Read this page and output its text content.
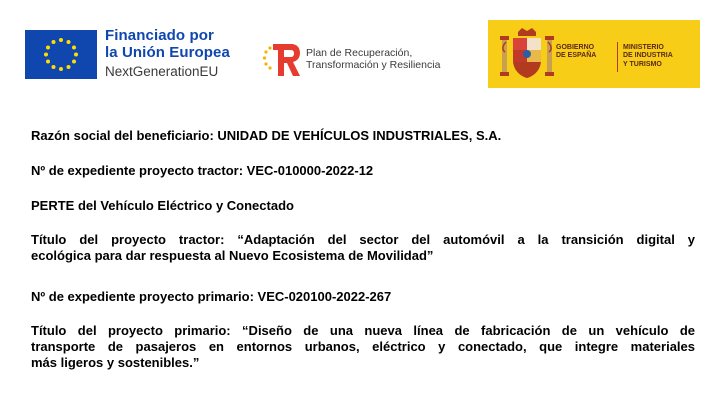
Financiado por
la Unión Europea
NextGenerationEU
Plan de Recuperación,
Transformación y Resiliencia
GOBIERNO
DE ESPAÑA
MINISTERIO
DE INDUSTRIA
Y TURISMO

Razón social del beneficiario: UNIDAD DE VEHÍCULOS INDUSTRIALES, S.A.

Nº de expediente proyecto tractor: VEC-010000-2022-12

PERTE del Vehículo Eléctrico y Conectado

Título del proyecto tractor: “Adaptación del sector del automóvil a la transición digital y
ecológica para dar respuesta al Nuevo Ecosistema de Movilidad”

Nº de expediente proyecto primario: VEC-020100-2022-267

Título del proyecto primario: “Diseño de una nueva línea de fabricación de un vehículo de
transporte de pasajeros en entornos urbanos, eléctrico y conectado, que integre materiales
más ligeros y sostenibles.”
